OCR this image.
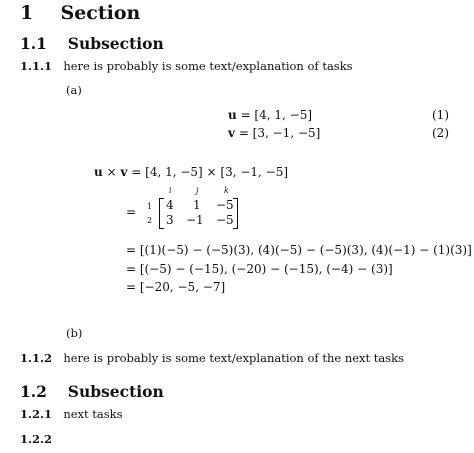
1 Section
1.1 Subsection
1.1.1 here is probably is some text/explanation of tasks
(a)
u = [4, 1, −5]	(1)
v = [3, −1, −5]	(2)
u × v = [4, 1, −5] × [3, −1, −5]
i	j	k
= 1
2
4 1 −5
3 −1 −5
= [(1)(−5) − (−5)(3), (4)(−5) − (−5)(3), (4)(−1) − (1)(3)]
= [(−5) − (−15), (−20) − (−15), (−4) − (3)]
= [−20, −5, −7]
(b)
1.1.2 here is probably is some text/explanation of the next tasks
1.2 Subsection
1.2.1 next tasks
1.2.2
